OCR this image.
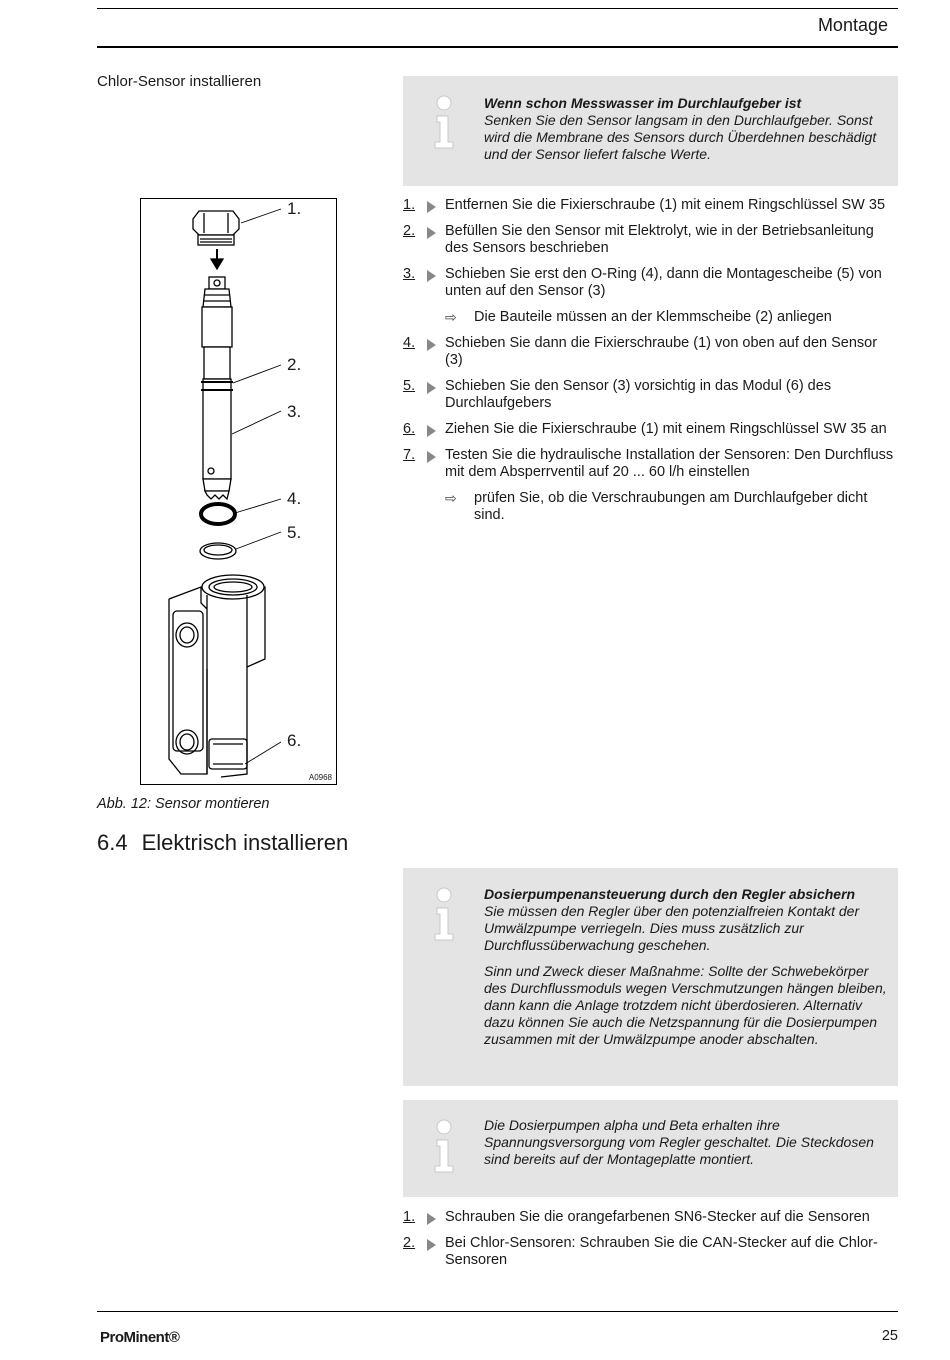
Montage
Chlor-Sensor installieren
Wenn schon Messwasser im Durchlaufgeber ist

Senken Sie den Sensor langsam in den Durchlaufgeber. Sonst wird die Membrane des Sensors durch Überdehnen beschädigt und der Sensor liefert falsche Werte.

1. Entfernen Sie die Fixierschraube (1) mit einem Ringschlüssel SW 35
2. Befüllen Sie den Sensor mit Elektrolyt, wie in der Betriebsanleitung des Sensors beschrieben
3. Schieben Sie erst den O-Ring (4), dann die Montagescheibe (5) von unten auf den Sensor (3)
⇨ Die Bauteile müssen an der Klemmscheibe (2) anliegen
4. Schieben Sie dann die Fixierschraube (1) von oben auf den Sensor (3)
5. Schieben Sie den Sensor (3) vorsichtig in das Modul (6) des Durchlaufgebers
6. Ziehen Sie die Fixierschraube (1) mit einem Ringschlüssel SW 35 an
7. Testen Sie die hydraulische Installation der Sensoren: Den Durchfluss mit dem Absperrventil auf 20 ... 60 l/h einstellen
⇨ prüfen Sie, ob die Verschraubungen am Durchlaufgeber dicht sind.
1.
2.
3.
4.
5.
6.
A0968
Abb. 12: Sensor montieren
6.4 Elektrisch installieren
Dosierpumpenansteuerung durch den Regler absichern

Sie müssen den Regler über den potenzialfreien Kontakt der Umwälzpumpe verriegeln. Dies muss zusätzlich zur Durchflussüberwachung geschehen.

Sinn und Zweck dieser Maßnahme: Sollte der Schwebekörper des Durchflussmoduls wegen Verschmutzungen hängen bleiben, dann kann die Anlage trotzdem nicht überdosieren. Alternativ dazu können Sie auch die Netzspannung für die Dosierpumpen zusammen mit der Umwälzpumpe anoder abschalten.

Die Dosierpumpen alpha und Beta erhalten ihre Spannungsversorgung vom Regler geschaltet. Die Steckdosen sind bereits auf der Montageplatte montiert.

1. Schrauben Sie die orangefarbenen SN6-Stecker auf die Sensoren
2. Bei Chlor-Sensoren: Schrauben Sie die CAN-Stecker auf die Chlor-Sensoren
ProMinent®	25
